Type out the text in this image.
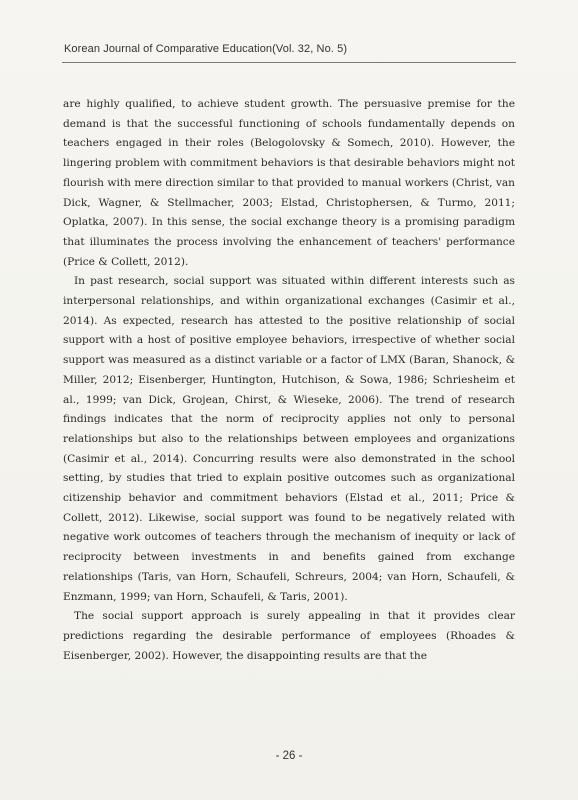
Korean Journal of Comparative Education(Vol. 32, No. 5)

are highly qualified, to achieve student growth. The persuasive premise for the demand is that the successful functioning of schools fundamentally depends on teachers engaged in their roles (Belogolovsky & Somech, 2010). However, the lingering problem with commitment behaviors is that desirable behaviors might not flourish with mere direction similar to that provided to manual workers (Christ, van Dick, Wagner, & Stellmacher, 2003; Elstad, Christophersen, & Turmo, 2011; Oplatka, 2007). In this sense, the social exchange theory is a promising paradigm that illuminates the process involving the enhancement of teachers' performance (Price & Collett, 2012).

In past research, social support was situated within different interests such as interpersonal relationships, and within organizational exchanges (Casimir et al., 2014). As expected, research has attested to the positive relationship of social support with a host of positive employee behaviors, irrespective of whether social support was measured as a distinct variable or a factor of LMX (Baran, Shanock, & Miller, 2012; Eisenberger, Huntington, Hutchison, & Sowa, 1986; Schriesheim et al., 1999; van Dick, Grojean, Chirst, & Wieseke, 2006). The trend of research findings indicates that the norm of reciprocity applies not only to personal relationships but also to the relationships between employees and organizations (Casimir et al., 2014). Concurring results were also demonstrated in the school setting, by studies that tried to explain positive outcomes such as organizational citizenship behavior and commitment behaviors (Elstad et al., 2011; Price & Collett, 2012). Likewise, social support was found to be negatively related with negative work outcomes of teachers through the mechanism of inequity or lack of reciprocity between investments in and benefits gained from exchange relationships (Taris, van Horn, Schaufeli, Schreurs, 2004; van Horn, Schaufeli, & Enzmann, 1999; van Horn, Schaufeli, & Taris, 2001).

The social support approach is surely appealing in that it provides clear predictions regarding the desirable performance of employees (Rhoades & Eisenberger, 2002). However, the disappointing results are that the

- 26 -
